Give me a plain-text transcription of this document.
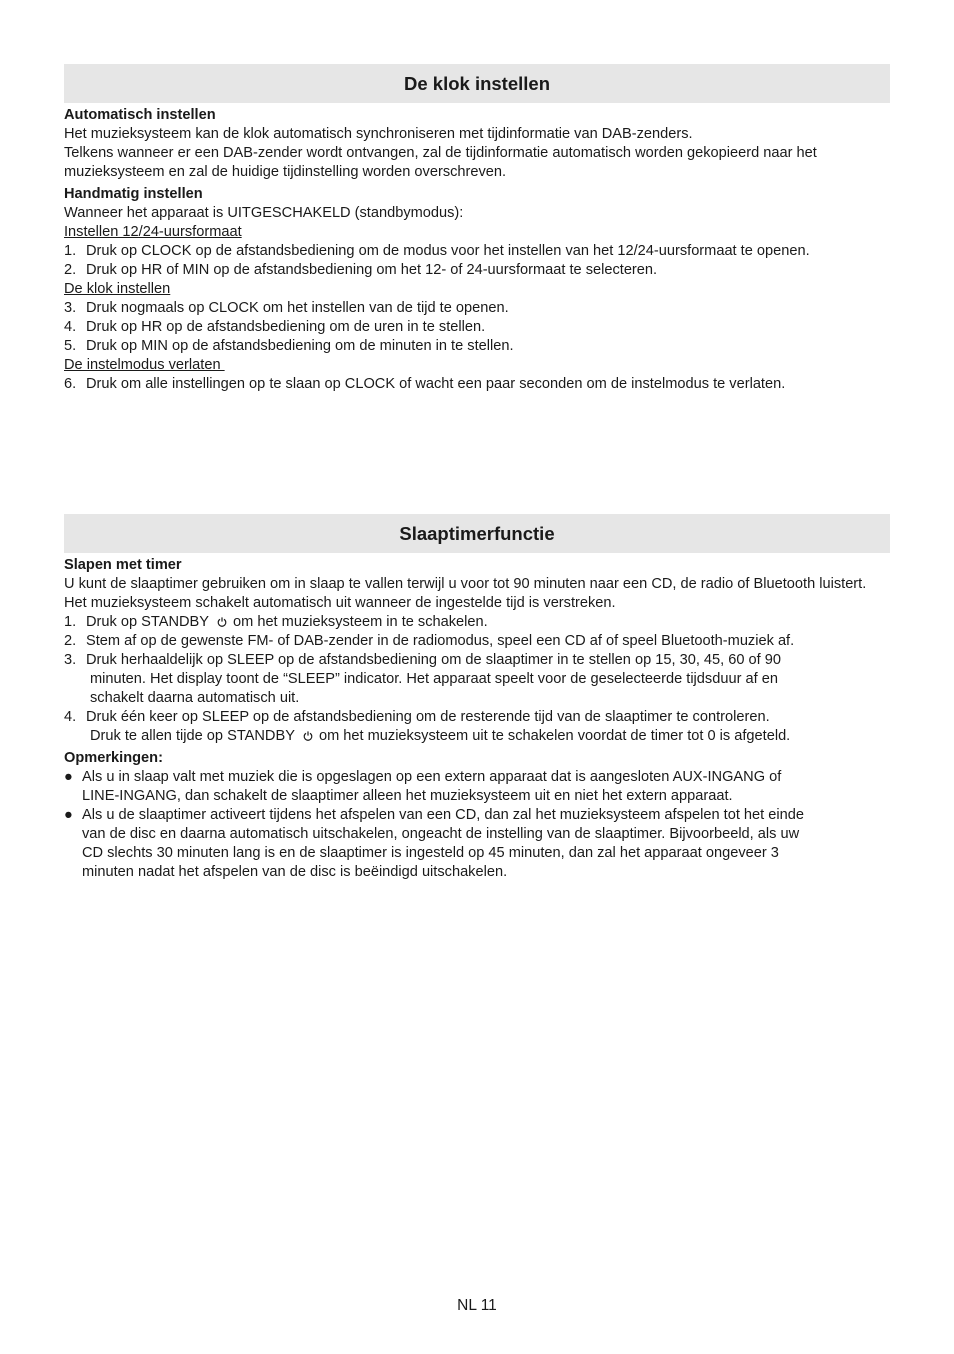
De klok instellen
Automatisch instellen

Het muzieksysteem kan de klok automatisch synchroniseren met tijdinformatie van DAB-zenders.

Telkens wanneer er een DAB-zender wordt ontvangen, zal de tijdinformatie automatisch worden gekopieerd naar het muzieksysteem en zal de huidige tijdinstelling worden overschreven.

Handmatig instellen

Wanneer het apparaat is UITGESCHAKELD (standbymodus):

Instellen 12/24-uursformaat
1. Druk op CLOCK op de afstandsbediening om de modus voor het instellen van het 12/24-uursformaat te openen.
2. Druk op HR of MIN op de afstandsbediening om het 12- of 24-uursformaat te selecteren.
De klok instellen
3. Druk nogmaals op CLOCK om het instellen van de tijd te openen.
4. Druk op HR op de afstandsbediening om de uren in te stellen.
5. Druk op MIN op de afstandsbediening om de minuten in te stellen.
De instelmodus verlaten
6. Druk om alle instellingen op te slaan op CLOCK of wacht een paar seconden om de instelmodus te verlaten.
Slaaptimerfunctie
Slapen met timer

U kunt de slaaptimer gebruiken om in slaap te vallen terwijl u voor tot 90 minuten naar een CD, de radio of Bluetooth luistert.

Het muzieksysteem schakelt automatisch uit wanneer de ingestelde tijd is verstreken.

1. Druk op STANDBY om het muzieksysteem in te schakelen.
2. Stem af op de gewenste FM- of DAB-zender in de radiomodus, speel een CD af of speel Bluetooth-muziek af.
3. Druk herhaaldelijk op SLEEP op de afstandsbediening om de slaaptimer in te stellen op 15, 30, 45, 60 of 90
minuten. Het display toont de “SLEEP” indicator. Het apparaat speelt voor de geselecteerde tijdsduur af en
schakelt daarna automatisch uit.
4. Druk één keer op SLEEP op de afstandsbediening om de resterende tijd van de slaaptimer te controleren.
Druk te allen tijde op STANDBY om het muzieksysteem uit te schakelen voordat de timer tot 0 is afgeteld.
Opmerkingen:
● Als u in slaap valt met muziek die is opgeslagen op een extern apparaat dat is aangesloten AUX-INGANG of
LINE-INGANG, dan schakelt de slaaptimer alleen het muzieksysteem uit en niet het extern apparaat.
● Als u de slaaptimer activeert tijdens het afspelen van een CD, dan zal het muzieksysteem afspelen tot het einde
van de disc en daarna automatisch uitschakelen, ongeacht de instelling van de slaaptimer. Bijvoorbeeld, als uw
CD slechts 30 minuten lang is en de slaaptimer is ingesteld op 45 minuten, dan zal het apparaat ongeveer 3
minuten nadat het afspelen van de disc is beëindigd uitschakelen.
NL 11
